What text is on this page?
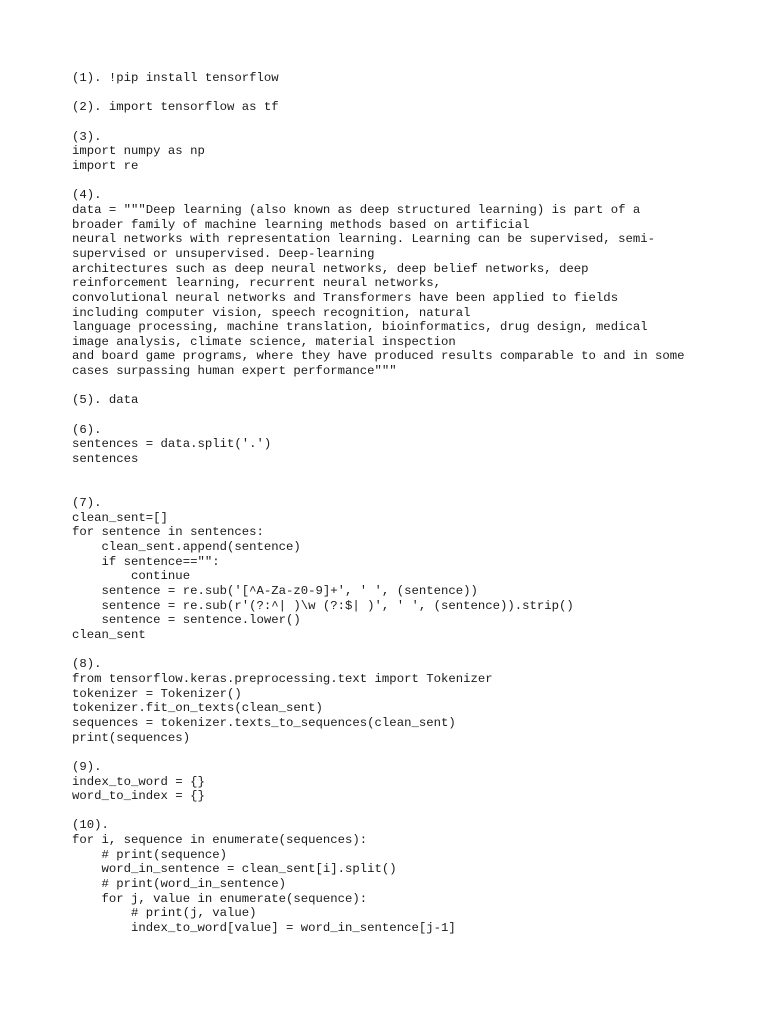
(1). !pip install tensorflow

(2). import tensorflow as tf

(3).
import numpy as np
import re

(4).
data = """Deep learning (also known as deep structured learning) is part of a
broader family of machine learning methods based on artificial
neural networks with representation learning. Learning can be supervised, semi-
supervised or unsupervised. Deep-learning
architectures such as deep neural networks, deep belief networks, deep
reinforcement learning, recurrent neural networks,
convolutional neural networks and Transformers have been applied to fields
including computer vision, speech recognition, natural
language processing, machine translation, bioinformatics, drug design, medical
image analysis, climate science, material inspection
and board game programs, where they have produced results comparable to and in some
cases surpassing human expert performance"""

(5). data

(6).
sentences = data.split('.')
sentences

(7).
clean_sent=[]
for sentence in sentences:
clean_sent.append(sentence)
if sentence=="":
continue
sentence = re.sub('[^A-Za-z0-9]+', ' ', (sentence))
sentence = re.sub(r'(?:^| )\w (?:$| )', ' ', (sentence)).strip()
sentence = sentence.lower()
clean_sent

(8).
from tensorflow.keras.preprocessing.text import Tokenizer
tokenizer = Tokenizer()
tokenizer.fit_on_texts(clean_sent)
sequences = tokenizer.texts_to_sequences(clean_sent)
print(sequences)

(9).
index_to_word = {}
word_to_index = {}

(10).
for i, sequence in enumerate(sequences):
# print(sequence)
word_in_sentence = clean_sent[i].split()
# print(word_in_sentence)
for j, value in enumerate(sequence):
# print(j, value)
index_to_word[value] = word_in_sentence[j-1]
